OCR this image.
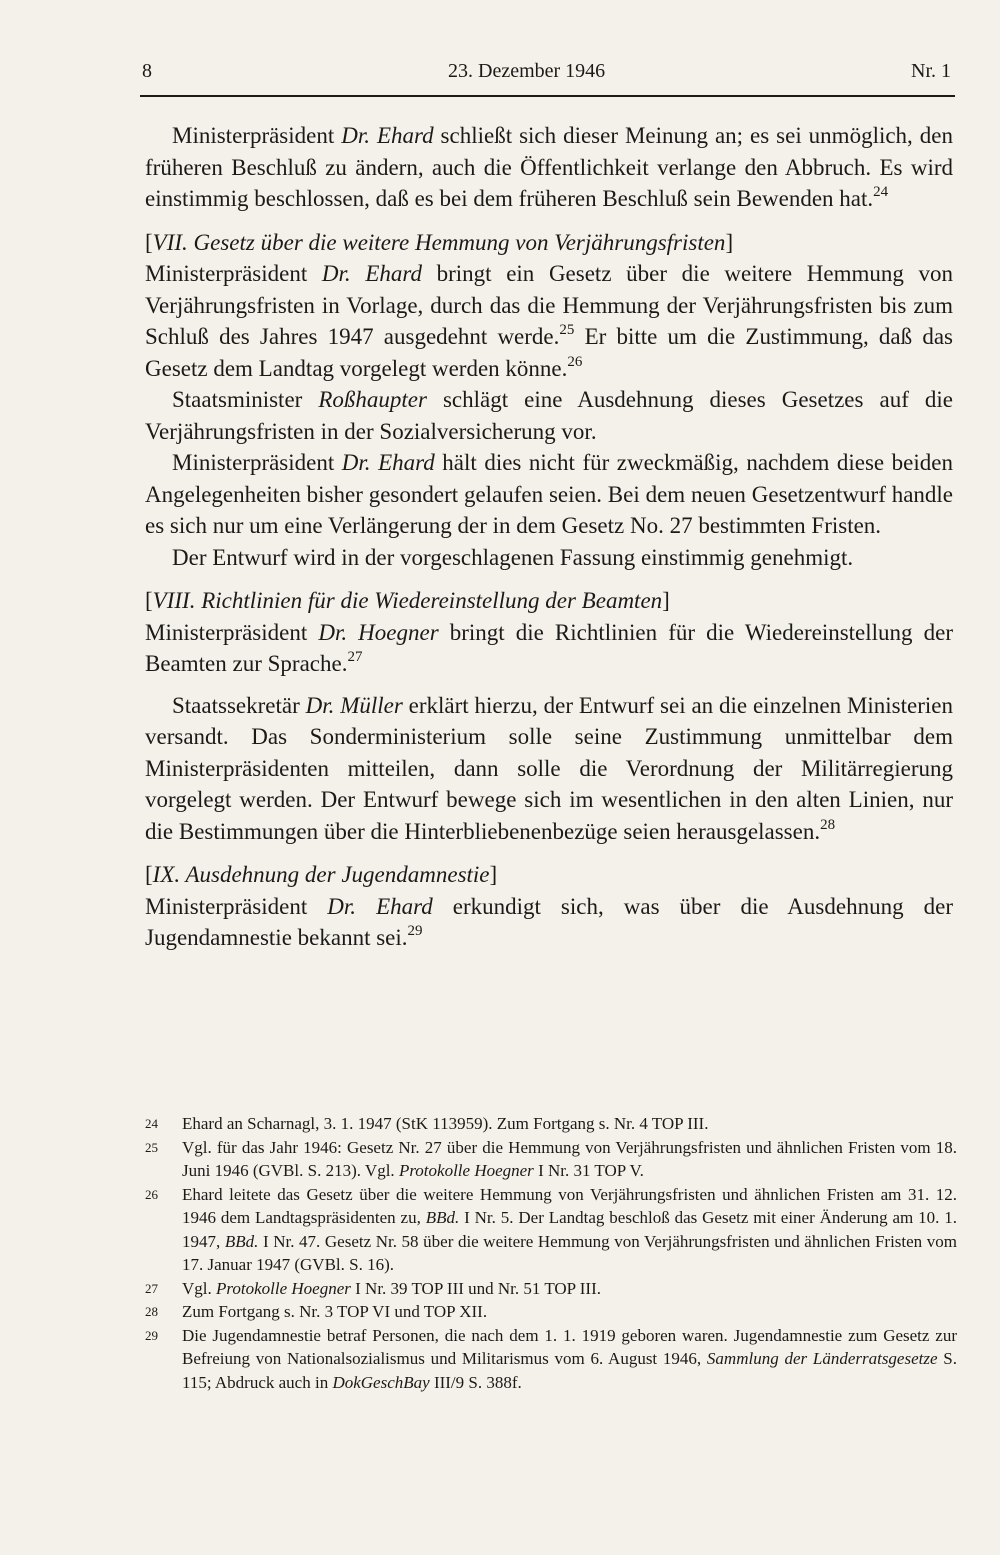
8	23. Dezember 1946	Nr. 1

Ministerpräsident Dr. Ehard schließt sich dieser Meinung an; es sei unmöglich, den früheren Beschluß zu ändern, auch die Öffentlichkeit verlange den Abbruch. Es wird einstimmig beschlossen, daß es bei dem früheren Beschluß sein Bewenden hat.$^{24}$

[VII. Gesetz über die weitere Hemmung von Verjährungsfristen]

Ministerpräsident Dr. Ehard bringt ein Gesetz über die weitere Hemmung von Verjährungsfristen in Vorlage, durch das die Hemmung der Verjährungsfristen bis zum Schluß des Jahres 1947 ausgedehnt werde.$^{25}$ Er bitte um die Zustimmung, daß das Gesetz dem Landtag vorgelegt werden könne.$^{26}$

Staatsminister Roßhaupter schlägt eine Ausdehnung dieses Gesetzes auf die Verjährungsfristen in der Sozialversicherung vor.

Ministerpräsident Dr. Ehard hält dies nicht für zweckmäßig, nachdem diese beiden Angelegenheiten bisher gesondert gelaufen seien. Bei dem neuen Gesetzentwurf handle es sich nur um eine Verlängerung der in dem Gesetz No. 27 bestimmten Fristen.

Der Entwurf wird in der vorgeschlagenen Fassung einstimmig genehmigt.

[VIII. Richtlinien für die Wiedereinstellung der Beamten]

Ministerpräsident Dr. Hoegner bringt die Richtlinien für die Wiedereinstellung der Beamten zur Sprache.$^{27}$

Staatssekretär Dr. Müller erklärt hierzu, der Entwurf sei an die einzelnen Ministerien versandt. Das Sonderministerium solle seine Zustimmung unmittelbar dem Ministerpräsidenten mitteilen, dann solle die Verordnung der Militärregierung vorgelegt werden. Der Entwurf bewege sich im wesentlichen in den alten Linien, nur die Bestimmungen über die Hinterbliebenenbezüge seien herausgelassen.$^{28}$

[IX. Ausdehnung der Jugendamnestie]

Ministerpräsident Dr. Ehard erkundigt sich, was über die Ausdehnung der Jugendamnestie bekannt sei.$^{29}$

24 Ehard an Scharnagl, 3. 1. 1947 (StK 113959). Zum Fortgang s. Nr. 4 TOP III.
25 Vgl. für das Jahr 1946: Gesetz Nr. 27 über die Hemmung von Verjährungsfristen und ähnlichen Fristen vom 18. Juni 1946 (GVBl. S. 213). Vgl. Protokolle Hoegner I Nr. 31 TOP V.
26 Ehard leitete das Gesetz über die weitere Hemmung von Verjährungsfristen und ähnlichen Fristen am 31. 12. 1946 dem Landtagspräsidenten zu, BBd. I Nr. 5. Der Landtag beschloß das Gesetz mit einer Änderung am 10. 1. 1947, BBd. I Nr. 47. Gesetz Nr. 58 über die weitere Hemmung von Verjährungsfristen und ähnlichen Fristen vom 17. Januar 1947 (GVBl. S. 16).
27 Vgl. Protokolle Hoegner I Nr. 39 TOP III und Nr. 51 TOP III.
28 Zum Fortgang s. Nr. 3 TOP VI und TOP XII.
29 Die Jugendamnestie betraf Personen, die nach dem 1. 1. 1919 geboren waren. Jugendamnestie zum Gesetz zur Befreiung von Nationalsozialismus und Militarismus vom 6. August 1946, Sammlung der Länderratsgesetze S. 115; Abdruck auch in DokGeschBay III/9 S. 388f.
